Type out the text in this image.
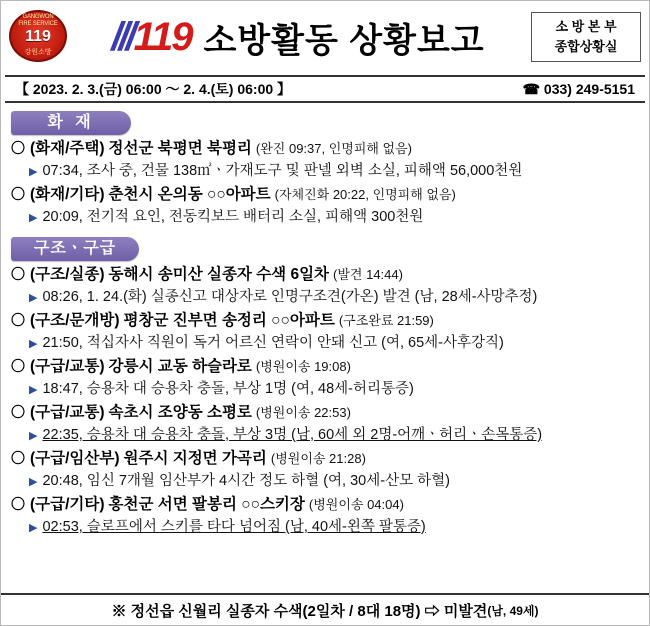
GANGWON FIRE SERVICE
119
강원소방 ///119 소방활동 상황보고	소 방 본 부
종합상황실
【 2023. 2. 3.(금) 06:00 ～ 2. 4.(토) 06:00 】	☎ 033) 249-5151
화 재
〇 (화재/주택) 정선군 북평면 북평리 (완진 09:37, 인명피해 없음)
▶ 07:34, 조사 중, 건물 138㎡ㆍ가재도구 및 판넬 외벽 소실, 피해액 56,000천원
〇 (화재/기타) 춘천시 온의동 ○○아파트 (자체진화 20:22, 인명피해 없음)
▶ 20:09, 전기적 요인, 전동킥보드 배터리 소실, 피해액 300천원
구조ㆍ구급
〇 (구조/실종) 동해시 송미산 실종자 수색 6일차 (발견 14:44)
▶ 08:26, 1. 24.(화) 실종신고 대상자로 인명구조견(가온) 발견 (남, 28세-사망추정)
〇 (구조/문개방) 평창군 진부면 송정리 ○○아파트 (구조완료 21:59)
▶ 21:50, 적십자사 직원이 독거 어르신 연락이 안돼 신고 (여, 65세-사후강직)
〇 (구급/교통) 강릉시 교동 하슬라로 (병원이송 19:08)
▶ 18:47, 승용차 대 승용차 충돌, 부상 1명 (여, 48세-허리통증)
〇 (구급/교통) 속초시 조양동 소평로 (병원이송 22:53)
▶ 22:35, 승용차 대 승용차 충돌, 부상 3명 (남, 60세 외 2명-어깨ㆍ허리ㆍ손목통증)
〇 (구급/임산부) 원주시 지정면 가곡리 (병원이송 21:28)
▶ 20:48, 임신 7개월 임산부가 4시간 정도 하혈 (여, 30세-산모 하혈)
〇 (구급/기타) 홍천군 서면 팔봉리 ○○스키장 (병원이송 04:04)
▶ 02:53, 슬로프에서 스키를 타다 넘어짐 (남, 40세-왼쪽 팔통증)
※ 정선읍 신월리 실종자 수색(2일차 / 8대 18명) ⇨ 미발견 (남, 49세)
